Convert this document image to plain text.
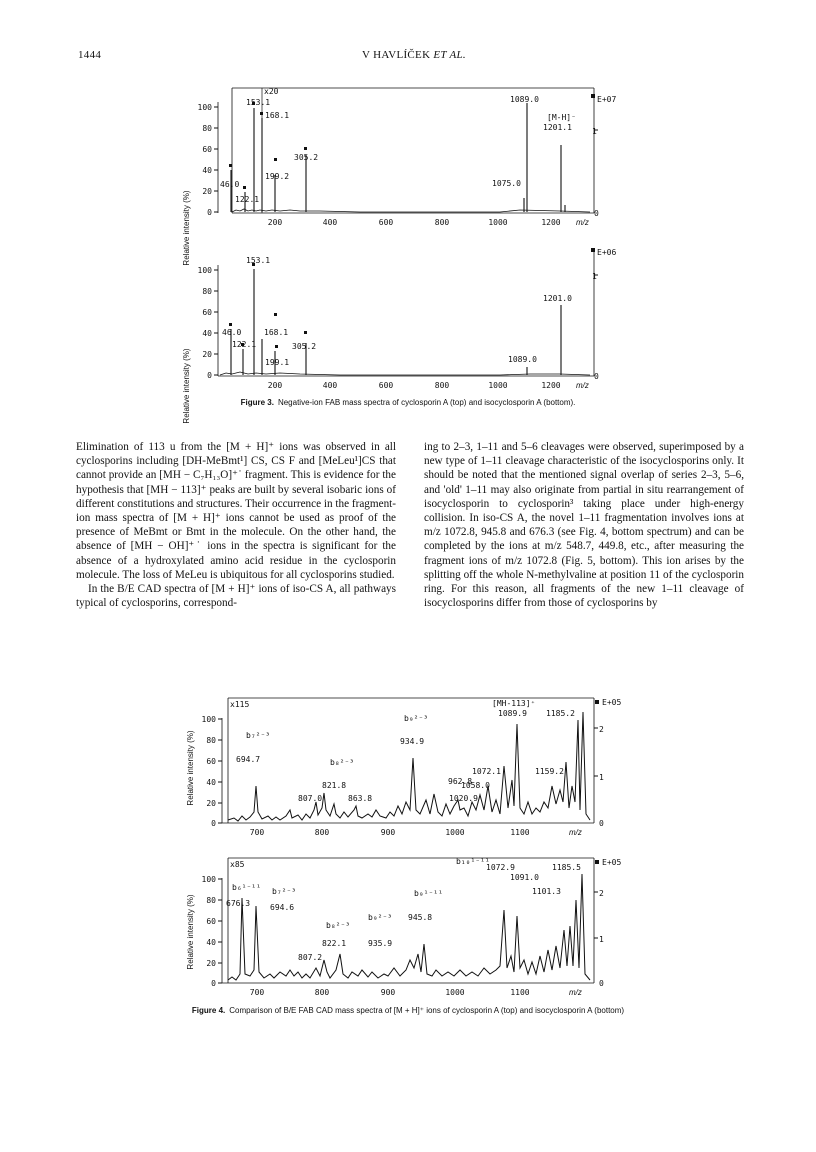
1444	V HAVLÍČEK ET AL.
Relative intensity (%)
100
80
60
40
20
0
200	400	600	800	1000	1200 m/z
E+07
1
0
x20
153.1
168.1
305.2
199.2
46.0
122.1
1089.0
1201.1
1075.0
[M-H]⁻
Relative intensity (%)
100
80
60
40
20
0
200	400	600	800	1000	1200 m/z
E+06
1
0
153.1
46.0
122.1
168.1
305.2
199.1
1201.0
1089.0
Figure 3. Negative-ion FAB mass spectra of cyclosporin A (top) and isocyclosporin A (bottom).

Elimination of 113 u from the [M + H]⁺ ions was observed in all cyclosporins including [DH-MeBmt¹] CS, CS F and [MeLeu¹]CS that cannot provide an [MH − C₇H₁₃O]⁺˙ fragment. This is evidence for the hypothesis that [MH − 113]⁺ peaks are built by several isobaric ions of different constitutions and structures. Their occurrence in the fragment-ion mass spectra of [M + H]⁺ ions cannot be used as proof of the presence of MeBmt or Bmt in the molecule. On the other hand, the absence of [MH − OH]⁺˙ ions in the spectra is significant for the absence of a hydroxylated amino acid residue in the cyclosporin molecule. The loss of MeLeu is ubiquitous for all cyclosporins studied.

In the B/E CAD spectra of [M + H]⁺ ions of iso-CS A, all pathways typical of cyclosporins, correspond-

ing to 2–3, 1–11 and 5–6 cleavages were observed, superimposed by a new type of 1–11 cleavage characteristic of the isocyclosporins only. It should be noted that the mentioned signal overlap of series 2–3, 5–6, and 'old' 1–11 may also originate from partial in situ rearrangement of isocyclosporin to cyclosporin³ taking place under high-energy collision. In iso-CS A, the novel 1–11 fragmentation involves ions at m/z 1072.8, 945.8 and 676.3 (see Fig. 4, bottom spectrum) and can be completed by the ions at m/z 548.7, 449.8, etc., after measuring the fragment ions of m/z 1072.8 (Fig. 5, bottom). This ion arises by the splitting off the whole N-methylvaline at position 11 of the cyclosporin ring. For this reason, all fragments of the new 1–11 cleavage of isocyclosporins differ from those of cyclosporins by

Relative intensity (%)
100
80
60
40
20
0
700	800	900	1000	1100	m/z
x115	E+05
2
1
0
b₇²⁻³
694.7	b₈²⁻³
821.8
807.0	863.8
b₉²⁻³
934.9
962.8
1020.9
1058.0
1072.1
[MH-113]⁺
1089.9
1159.2
1185.2
Relative intensity (%)
100
80
60
40
20
0
700	800	900	1000	1100	m/z
x85	E+05
2
1
0
b₆¹⁻¹¹
676.3
b₇²⁻³
694.6
b₈²⁻³
822.1
807.2
b₉²⁻³
935.9
b₉¹⁻¹¹
945.8
b₁₀¹⁻¹¹
1072.9
1091.0
1101.3
1185.5
Figure 4. Comparison of B/E FAB CAD mass spectra of [M + H]⁺ ions of cyclosporin A (top) and isocyclosporin A (bottom)
